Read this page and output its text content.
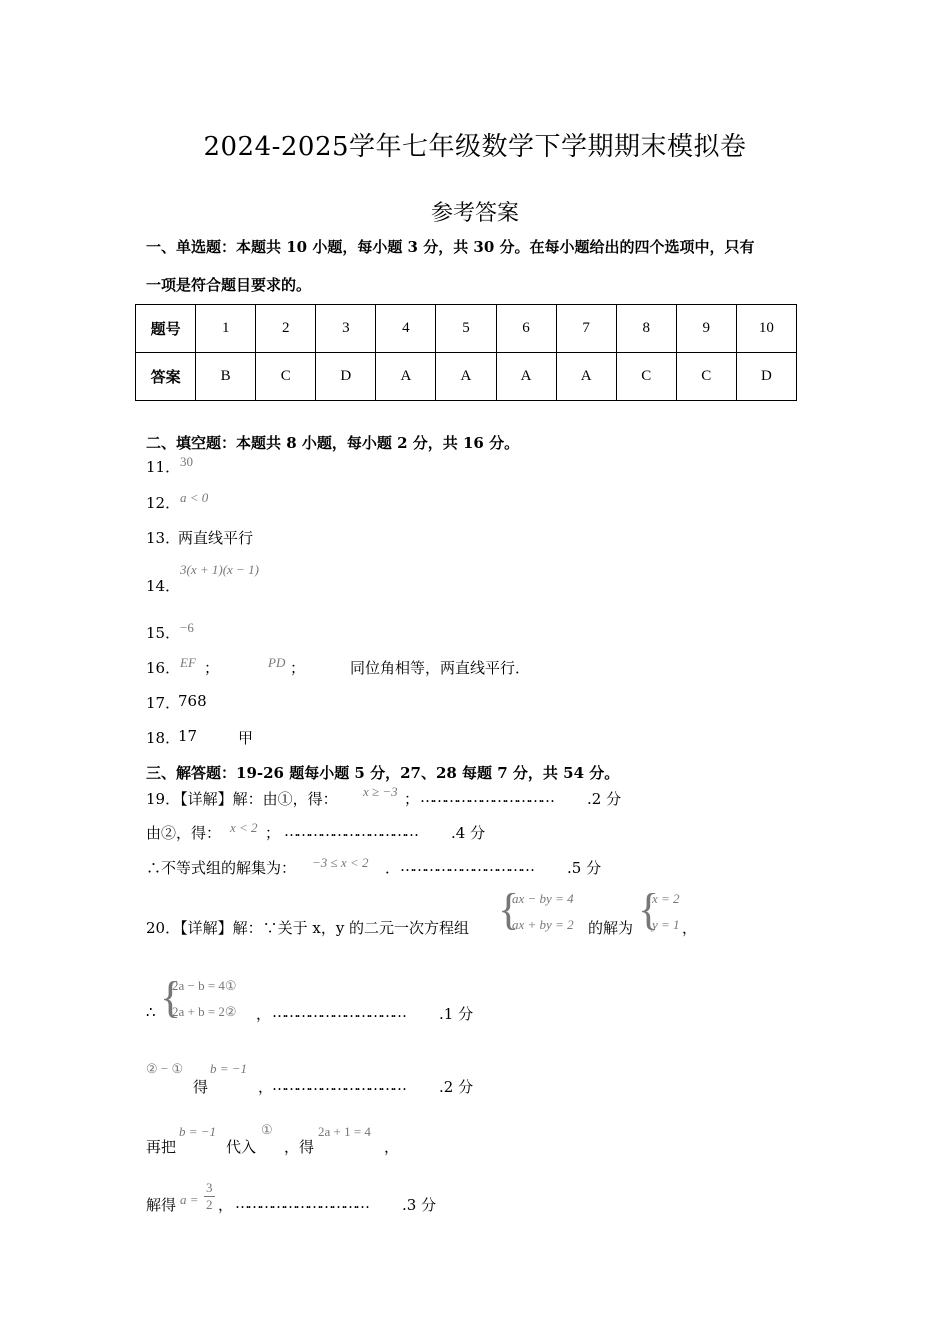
2024-2025学年七年级数学下学期期末模拟卷
参考答案
一、单选题：本题共 10 小题，每小题 3 分，共 30 分。在每小题给出的四个选项中，只有
一项是符合题目要求的。
题号	1	2	3	4	5	6	7	8	9	10
答案	B	C	D	A	A	A	A	C	C	D
二、填空题：本题共 8 小题，每小题 2 分，共 16 分。
11． 30
12． a < 0
13．
两直线平行
14．
3(x + 1)(x − 1)
15． −6
16． EF ；	PD ；	同位角相等，两直线平行．
17．
768
18．
17	甲
三、解答题：19-26 题每小题 5 分，27、28 每题 7 分，共 54 分。
19．【详解】解：由①，得： x ≥ −3 ； …………………………… .2 分
由②，得： x < 2 ； …………………………… .4 分
∴不等式组的解集为： −3 ≤ x < 2 ． …………………………… .5 分
20．【详解】解：∵关于 x，y 的二元一次方程组 {
ax − by = 4
ax + by = 2 的解为 {
x = 2
y = 1 ，
∴ {
2a − b = 4①
2a + b = 2② ， …………………………… .1 分
② − ①
得
b = −1
，
…………………………… .2 分
再把
b = −1
代入
①
，得
2a + 1 = 4
，
解得 $a = \frac{3}{2}$ ， …………………………… .3 分
